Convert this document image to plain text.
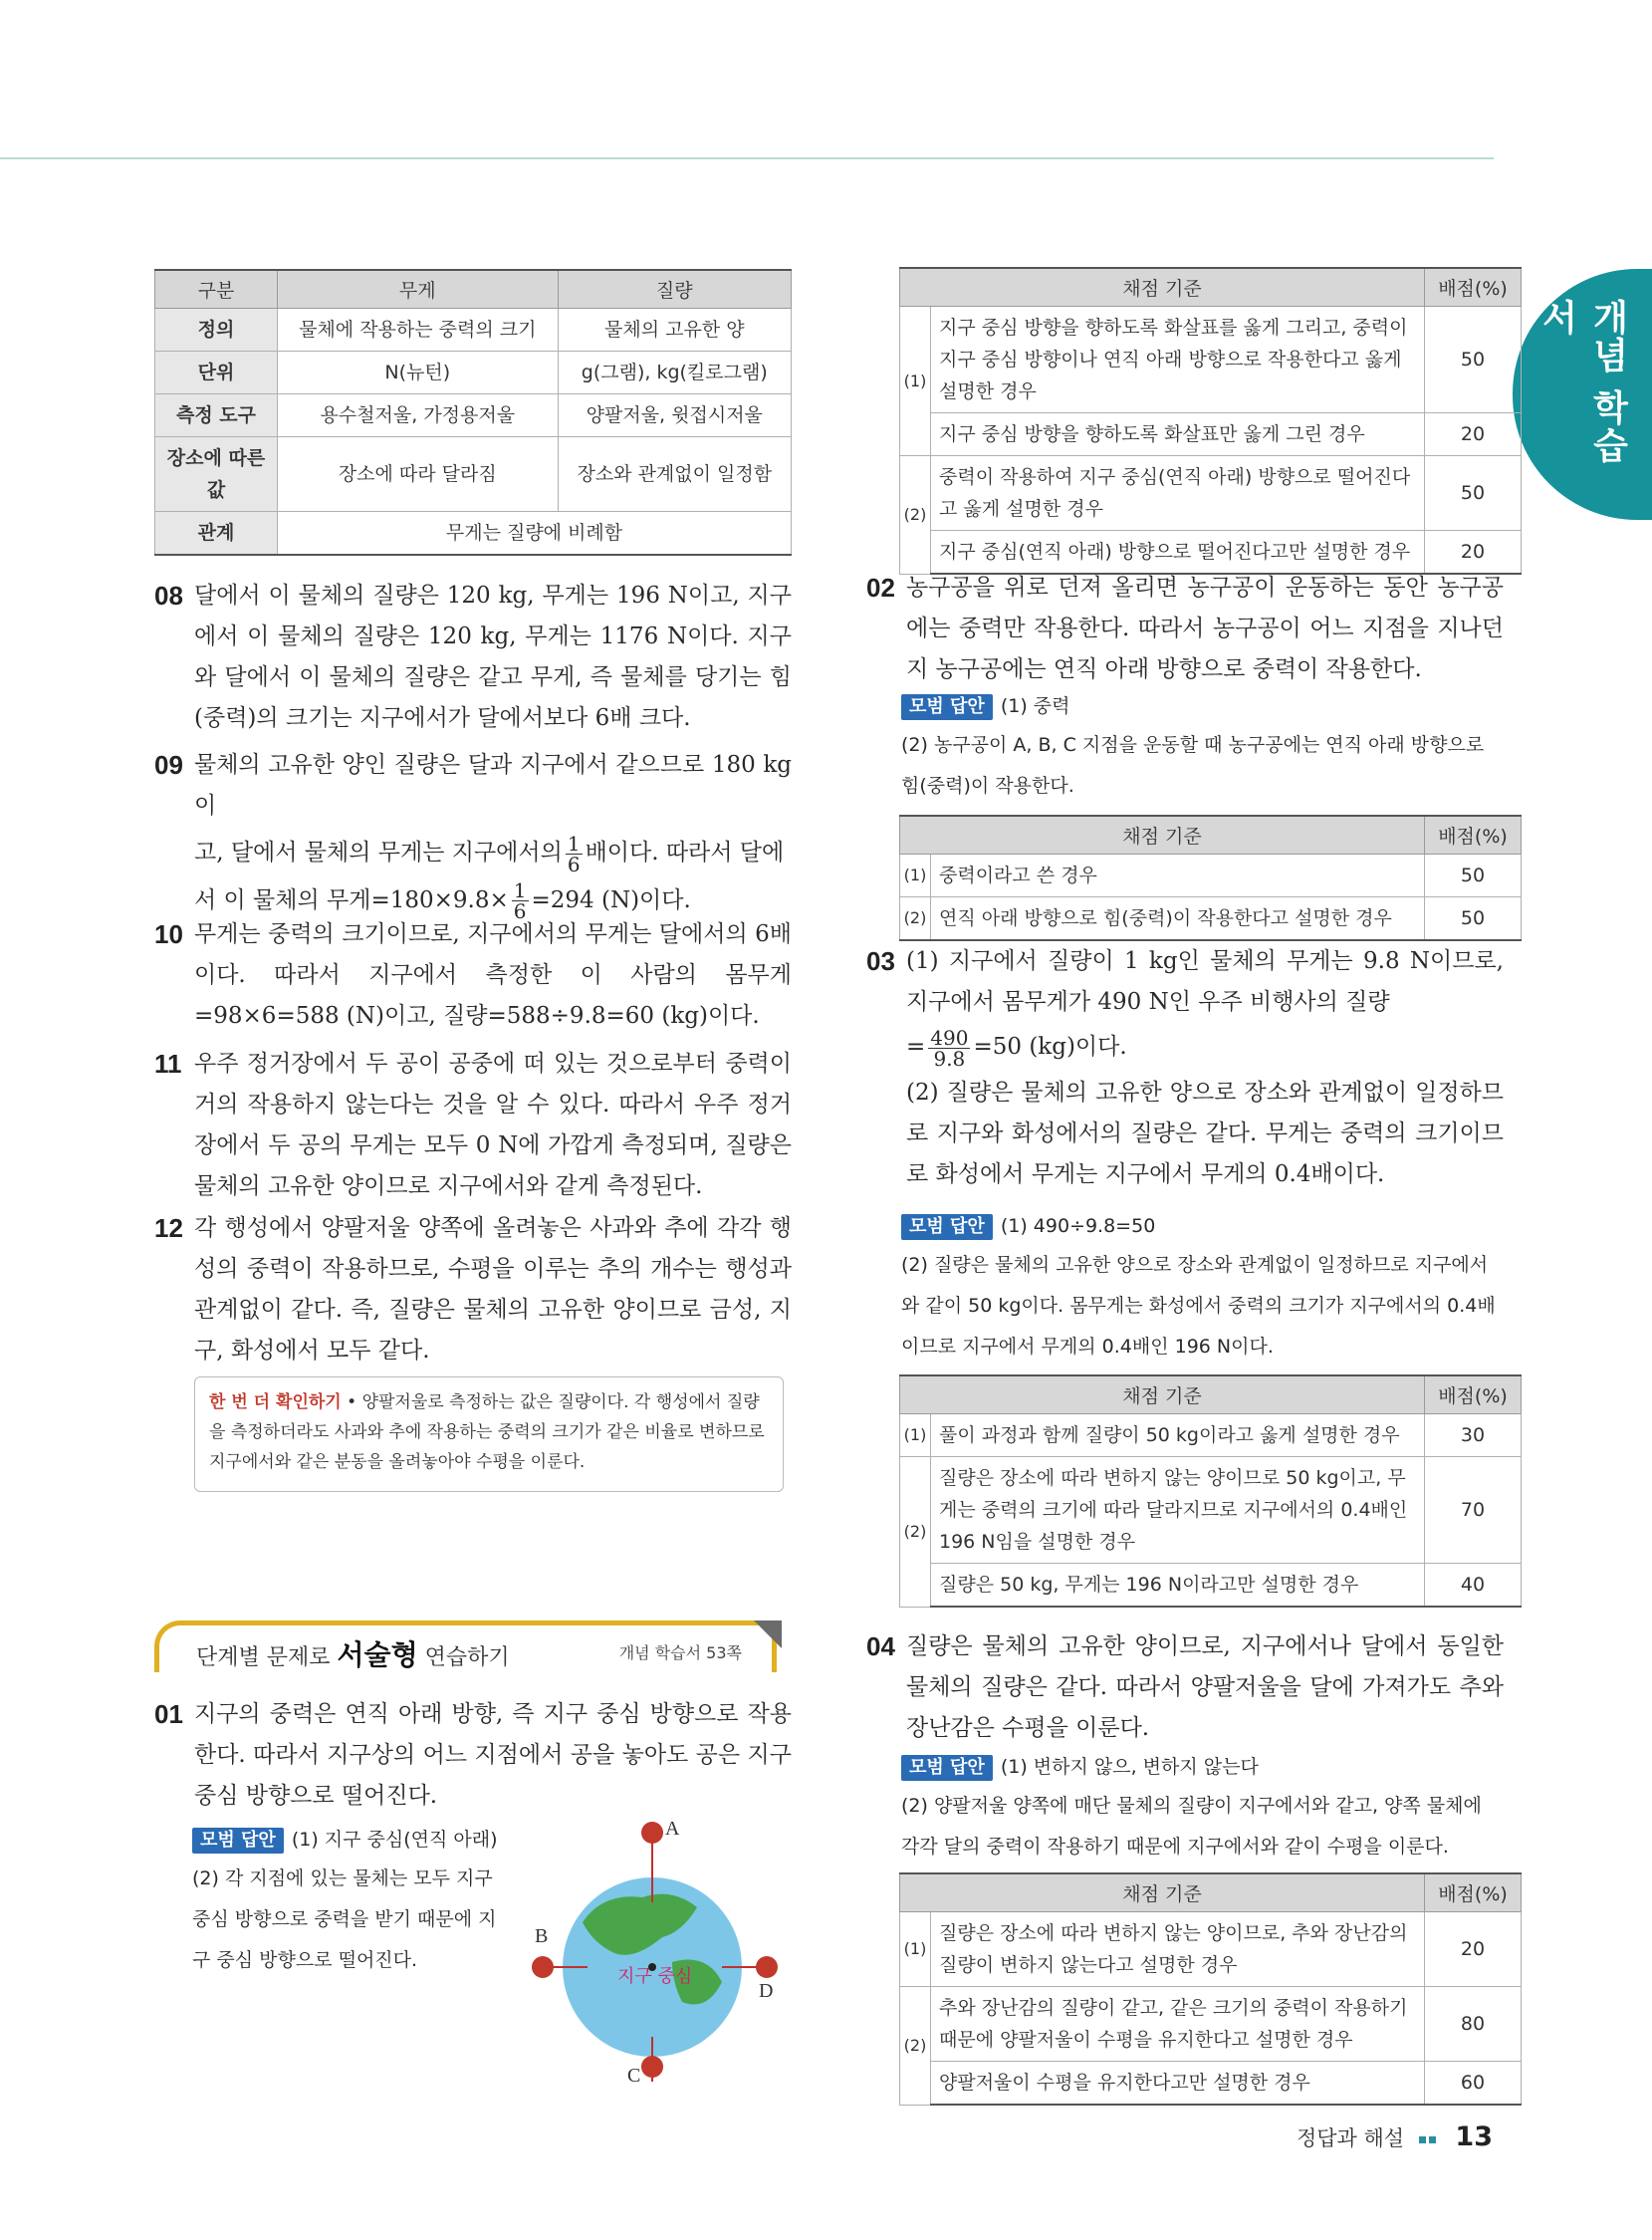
개념 학습서
구분	무게	질량
정의	물체에 작용하는 중력의 크기	물체의 고유한 양
단위	N(뉴턴)	g(그램), kg(킬로그램)
측정 도구	용수철저울, 가정용저울	양팔저울, 윗접시저울
장소에 따른 값	장소에 따라 달라짐	장소와 관계없이 일정함
관계	무게는 질량에 비례함	
08 달에서 이 물체의 질량은 120 kg, 무게는 196 N이고, 지구에서 이 물체의 질량은 120 kg, 무게는 1176 N이다. 지구와 달에서 이 물체의 질량은 같고 무게, 즉 물체를 당기는 힘(중력)의 크기는 지구에서가 달에서보다 6배 크다.
09 물체의 고유한 양인 질량은 달과 지구에서 같으므로 180 kg이

고, 달에서 물체의 무게는 지구에서의 $\frac{1}{6}$ 배이다. 따라서 달에

서 이 물체의 무게$=180\times 9.8\times \frac{1}{6} =294$ (N)이다.

10 무게는 중력의 크기이므로, 지구에서의 무게는 달에서의 6배이다. 따라서 지구에서 측정한 이 사람의 몸무게 =98×6=588 (N)이고, 질량=588÷9.8=60 (kg)이다.
11 우주 정거장에서 두 공이 공중에 떠 있는 것으로부터 중력이 거의 작용하지 않는다는 것을 알 수 있다. 따라서 우주 정거장에서 두 공의 무게는 모두 0 N에 가깝게 측정되며, 질량은 물체의 고유한 양이므로 지구에서와 같게 측정된다.
12 각 행성에서 양팔저울 양쪽에 올려놓은 사과와 추에 각각 행성의 중력이 작용하므로, 수평을 이루는 추의 개수는 행성과 관계없이 같다. 즉, 질량은 물체의 고유한 양이므로 금성, 지구, 화성에서 모두 같다.
한 번 더 확인하기 • 양팔저울로 측정하는 값은 질량이다. 각 행성에서 질량을 측정하더라도 사과와 추에 작용하는 중력의 크기가 같은 비율로 변하므로 지구에서와 같은 분동을 올려놓아야 수평을 이룬다.
단계별 문제로 서술형 연습하기	개념 학습서 53쪽
01 지구의 중력은 연직 아래 방향, 즉 지구 중심 방향으로 작용한다. 따라서 지구상의 어느 지점에서 공을 놓아도 공은 지구 중심 방향으로 떨어진다.
모범 답안 (1) 지구 중심(연직 아래)
(2) 각 지점에 있는 물체는 모두 지구 중심 방향으로 중력을 받기 때문에 지구 중심 방향으로 떨어진다.
A
B
C
D
지구 중심
채점 기준		배점(%)
(1)	지구 중심 방향을 향하도록 화살표를 옳게 그리고, 중력이 지구 중심 방향이나 연직 아래 방향으로 작용한다고 옳게 설명한 경우	50
	지구 중심 방향을 향하도록 화살표만 옳게 그린 경우	20
(2)	중력이 작용하여 지구 중심(연직 아래) 방향으로 떨어진다고 옳게 설명한 경우	50
	지구 중심(연직 아래) 방향으로 떨어진다고만 설명한 경우	20
02 농구공을 위로 던져 올리면 농구공이 운동하는 동안 농구공에는 중력만 작용한다. 따라서 농구공이 어느 지점을 지나던지 농구공에는 연직 아래 방향으로 중력이 작용한다.
모범 답안 (1) 중력
(2) 농구공이 A, B, C 지점을 운동할 때 농구공에는 연직 아래 방향으로 힘(중력)이 작용한다.
채점 기준		배점(%)
(1)	중력이라고 쓴 경우	50
(2)	연직 아래 방향으로 힘(중력)이 작용한다고 설명한 경우	50
03 (1) 지구에서 질량이 1 kg인 물체의 무게는 9.8 N이므로, 지구에서 몸무게가 490 N인 우주 비행사의 질량

= $\frac{490}{9.8} =50$ (kg)이다.

(2) 질량은 물체의 고유한 양으로 장소와 관계없이 일정하므로 지구와 화성에서의 질량은 같다. 무게는 중력의 크기이므로 화성에서 무게는 지구에서 무게의 0.4배이다.

모범 답안 (1) 490÷9.8=50
(2) 질량은 물체의 고유한 양으로 장소와 관계없이 일정하므로 지구에서와 같이 50 kg이다. 몸무게는 화성에서 중력의 크기가 지구에서의 0.4배이므로 지구에서 무게의 0.4배인 196 N이다.
채점 기준		배점(%)
(1)	풀이 과정과 함께 질량이 50 kg이라고 옳게 설명한 경우	30
(2)	질량은 장소에 따라 변하지 않는 양이므로 50 kg이고, 무게는 중력의 크기에 따라 달라지므로 지구에서의 0.4배인 196 N임을 설명한 경우	70
	질량은 50 kg, 무게는 196 N이라고만 설명한 경우	40
04 질량은 물체의 고유한 양이므로, 지구에서나 달에서 동일한 물체의 질량은 같다. 따라서 양팔저울을 달에 가져가도 추와 장난감은 수평을 이룬다.
모범 답안 (1) 변하지 않으, 변하지 않는다
(2) 양팔저울 양쪽에 매단 물체의 질량이 지구에서와 같고, 양쪽 물체에 각각 달의 중력이 작용하기 때문에 지구에서와 같이 수평을 이룬다.
채점 기준		배점(%)
(1)	질량은 장소에 따라 변하지 않는 양이므로, 추와 장난감의 질량이 변하지 않는다고 설명한 경우	20
(2)	추와 장난감의 질량이 같고, 같은 크기의 중력이 작용하기 때문에 양팔저울이 수평을 유지한다고 설명한 경우	80
	양팔저울이 수평을 유지한다고만 설명한 경우	60
정답과 해설 13
